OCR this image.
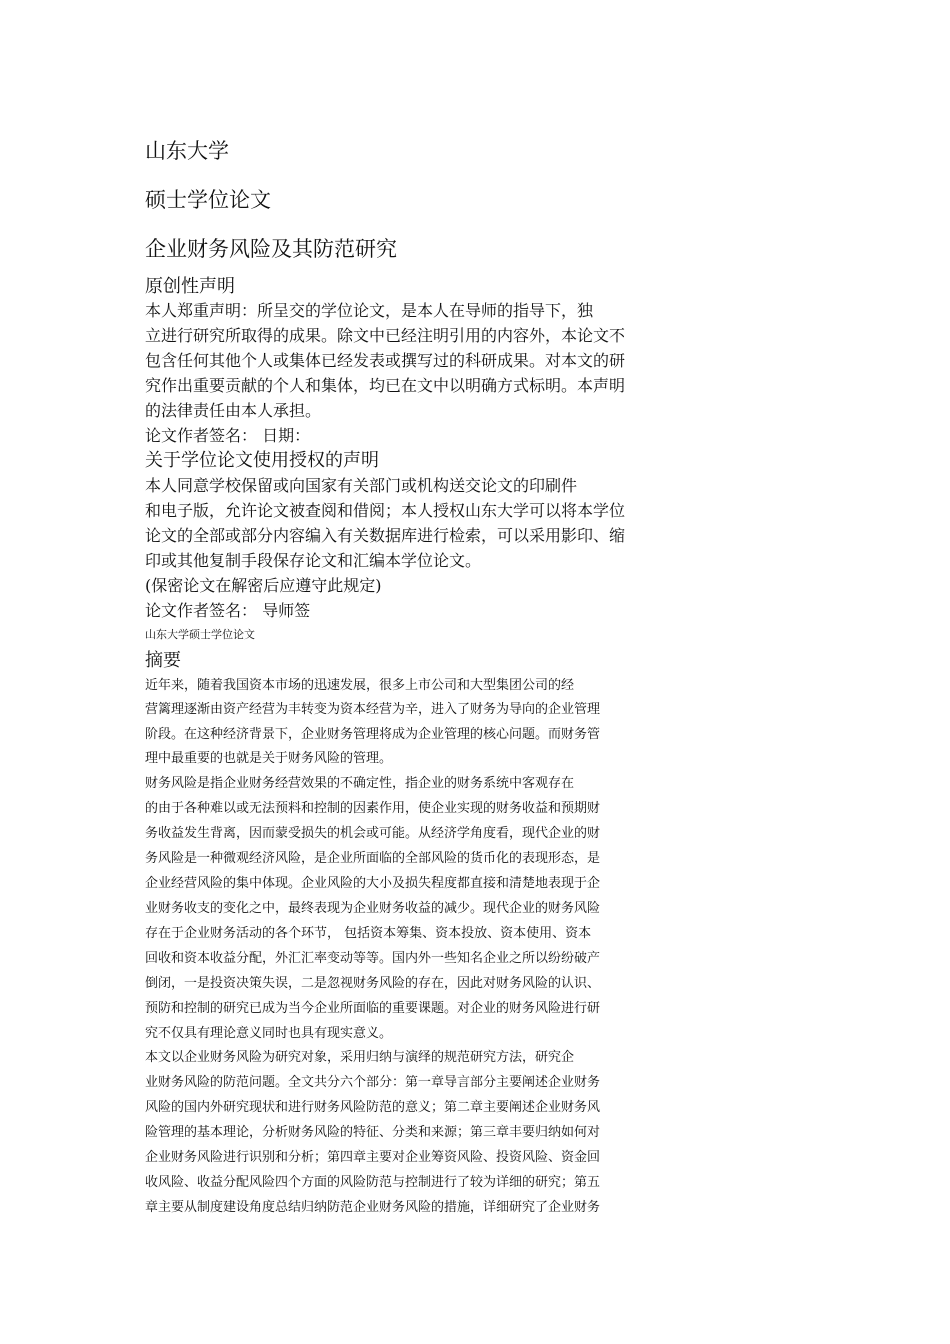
山东大学
硕士学位论文
企业财务风险及其防范研究
原创性声明
本人郑重声明：所呈交的学位论文，是本人在导师的指导下，独
立进行研究所取得的成果。除文中已经注明引用的内容外，本论文不
包含任何其他个人或集体已经发表或撰写过的科研成果。对本文的研
究作出重要贡献的个人和集体，均已在文中以明确方式标明。本声明
的法律责任由本人承担。
论文作者签名： 日期：
关于学位论文使用授权的声明
本人同意学校保留或向国家有关部门或机构送交论文的印刷件
和电子版，允许论文被查阅和借阅；本人授权山东大学可以将本学位
论文的全部或部分内容编入有关数据库进行检索，可以采用影印、缩
印或其他复制手段保存论文和汇编本学位论文。
(保密论文在解密后应遵守此规定)
论文作者签名： 导师签
山东大学硕士学位论文
摘要
近年来，随着我国资本市场的迅速发展，很多上市公司和大型集团公司的经
营篱理逐渐由资产经营为丰转变为资本经营为辛，进入了财务为导向的企业管理
阶段。在这种经济背景下，企业财务管理将成为企业管理的核心问题。而财务管
理中最重要的也就是关于财务风险的管理。
财务风险是指企业财务经营效果的不确定性，指企业的财务系统中客观存在
的由于各种难以或无法预料和控制的因素作用，使企业实现的财务收益和预期财
务收益发生背离，因而蒙受损失的机会或可能。从经济学角度看，现代企业的财
务风险是一种微观经济风险，是企业所面临的全部风险的货币化的表现形态，是
企业经营风险的集中体现。企业风险的大小及损失程度都直接和清楚地表现于企
业财务收支的变化之中，最终表现为企业财务收益的减少。现代企业的财务风险
存在于企业财务活动的各个环节， 包括资本筹集、资本投放、资本使用、资本
回收和资本收益分配，外汇汇率变动等等。国内外一些知名企业之所以纷纷破产
倒闭，一是投资决策失误，二是忽视财务风险的存在，因此对财务风险的认识、
预防和控制的研究已成为当今企业所面临的重要课题。对企业的财务风险进行研
究不仅具有理论意义同时也具有现实意义。
本文以企业财务风险为研究对象，采用归纳与演绎的规范研究方法，研究企
业财务风险的防范问题。全文共分六个部分：第一章导言部分主要阐述企业财务
风险的国内外研究现状和进行财务风险防范的意义；第二章主要阐述企业财务风
险管理的基本理论，分析财务风险的特征、分类和来源；第三章丰要归纳如何对
企业财务风险进行识别和分析；第四章主要对企业筹资风险、投资风险、资金回
收风险、收益分配风险四个方面的风险防范与控制进行了较为详细的研究；第五
章主要从制度建设角度总结归纳防范企业财务风险的措施，详细研究了企业财务
